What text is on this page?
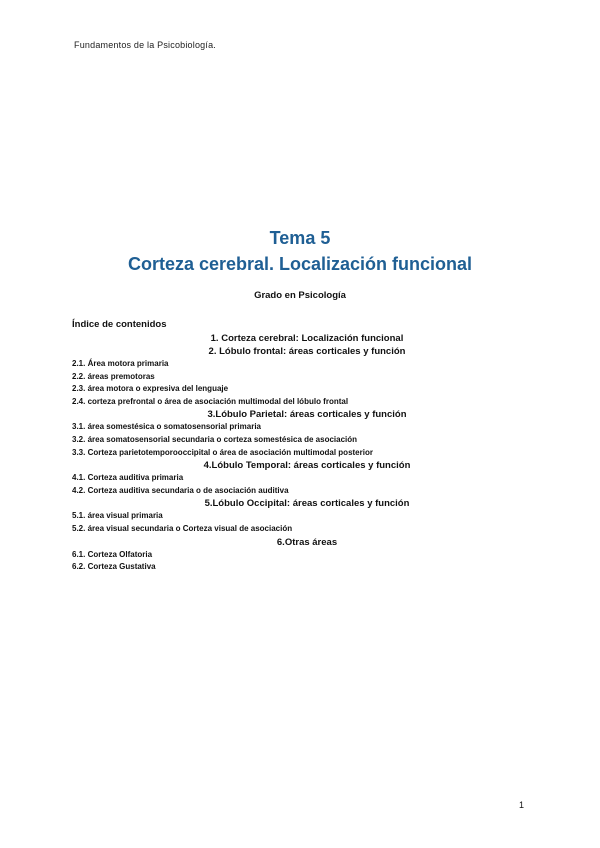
Fundamentos de la Psicobiología.
Tema 5
Corteza cerebral. Localización funcional
Grado en Psicología
Índice de contenidos
1. Corteza cerebral: Localización funcional
2. Lóbulo frontal: áreas corticales y función
2.1. Área motora primaria
2.2. áreas premotoras
2.3. área motora o expresiva del lenguaje
2.4. corteza prefrontal o área de asociación multimodal del lóbulo frontal
3.Lóbulo Parietal: áreas corticales y función
3.1. área somestésica o somatosensorial primaria
3.2. área somatosensorial secundaria o corteza somestésica de asociación
3.3. Corteza parietotemporooccipital o área de asociación multimodal posterior
4.Lóbulo Temporal: áreas corticales y función
4.1. Corteza auditiva primaria
4.2. Corteza auditiva secundaria o de asociación auditiva
5.Lóbulo Occipital: áreas corticales y función
5.1. área visual primaria
5.2. área visual secundaria o Corteza visual de asociación
6.Otras áreas
6.1. Corteza Olfatoria
6.2. Corteza Gustativa
1
